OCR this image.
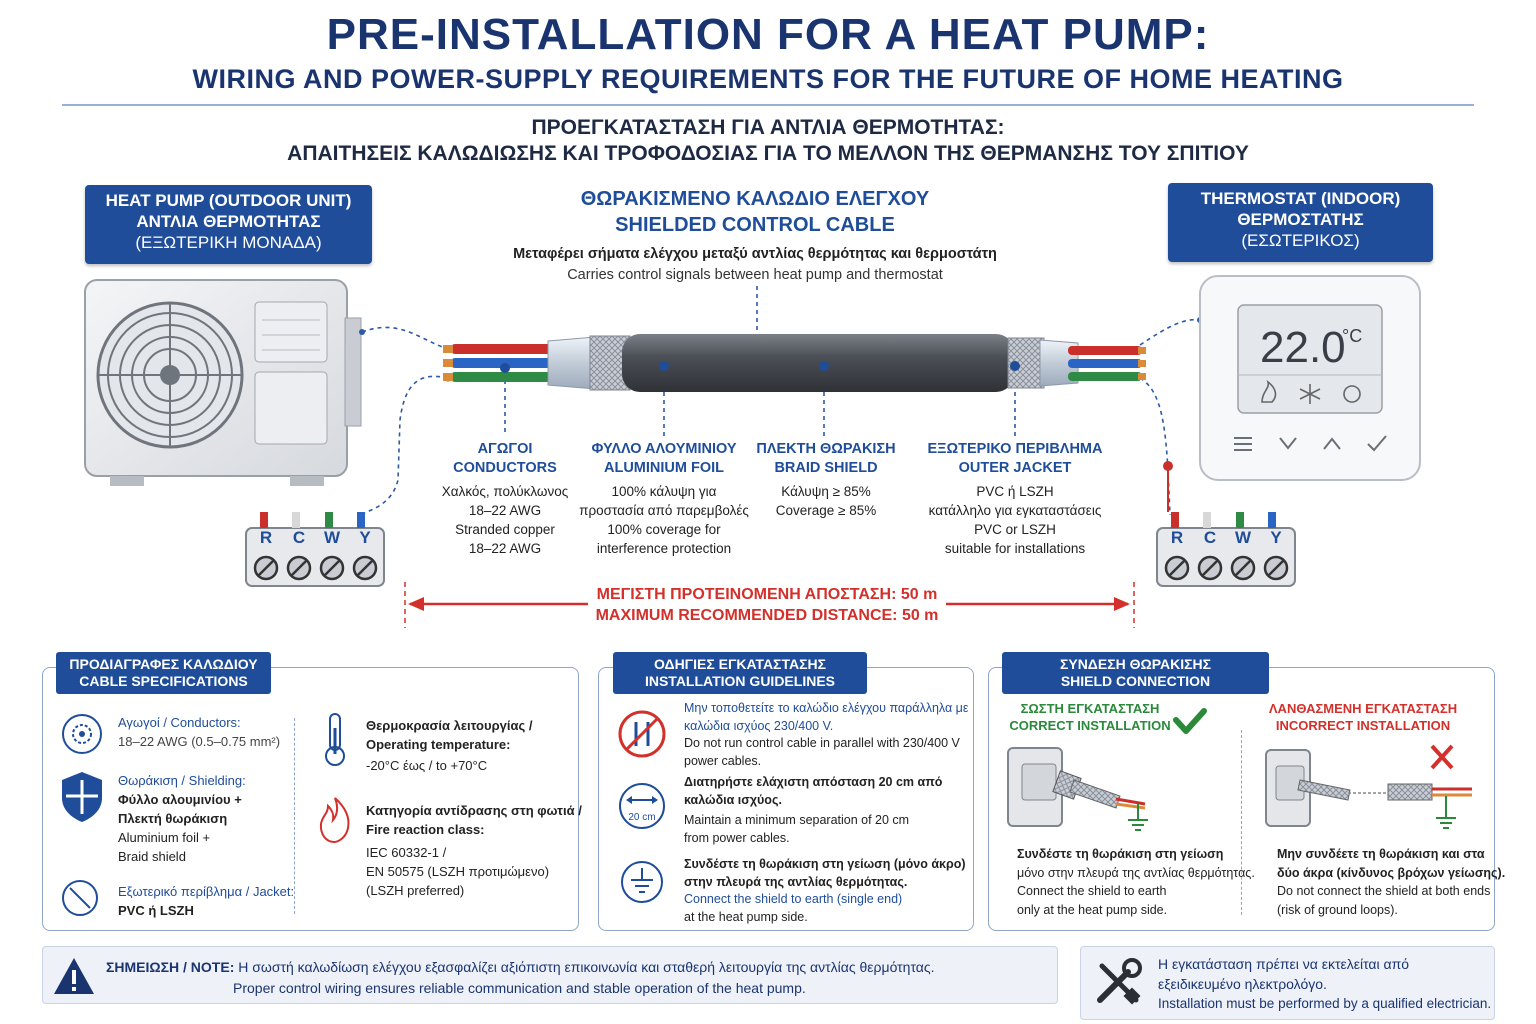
PRE-INSTALLATION FOR A HEAT PUMP:
WIRING AND POWER-SUPPLY REQUIREMENTS FOR THE FUTURE OF HOME HEATING
ΠΡΟΕΓΚΑΤΑΣΤΑΣΗ ΓΙΑ ΑΝΤΛΙΑ ΘΕΡΜΟΤΗΤΑΣ:
ΑΠΑΙΤΗΣΕΙΣ ΚΑΛΩΔΙΩΣΗΣ ΚΑΙ ΤΡΟΦΟΔΟΣΙΑΣ ΓΙΑ ΤΟ ΜΕΛΛΟΝ ΤΗΣ ΘΕΡΜΑΝΣΗΣ ΤΟΥ ΣΠΙΤΙΟΥ
HEAT PUMP (OUTDOOR UNIT)
ΑΝΤΛΙΑ ΘΕΡΜΟΤΗΤΑΣ
(ΕΞΩΤΕΡΙΚΗ ΜΟΝΑΔΑ)
THERMOSTAT (INDOOR)
ΘΕΡΜΟΣΤΑΤΗΣ
(ΕΣΩΤΕΡΙΚΟΣ)
ΘΩΡΑΚΙΣΜΕΝΟ ΚΑΛΩΔΙΟ ΕΛΕΓΧΟΥ
SHIELDED CONTROL CABLE
Μεταφέρει σήματα ελέγχου μεταξύ αντλίας θερμότητας και θερμοστάτη
Carries control signals between heat pump and thermostat
22.0
°C
R C W Y	R C W Y
ΑΓΩΓΟΙ
CONDUCTORS
Χαλκός, πολύκλωνος
18–22 AWG
Stranded copper
18–22 AWG
ΦΥΛΛΟ ΑΛΟΥΜΙΝΙΟΥ
ALUMINIUM FOIL
100% κάλυψη για
προστασία από παρεμβολές
100% coverage for
interference protection
ΠΛΕΚΤΗ ΘΩΡΑΚΙΣΗ
BRAID SHIELD
Κάλυψη ≥ 85%
Coverage ≥ 85%
ΕΞΩΤΕΡΙΚΟ ΠΕΡΙΒΛΗΜΑ
OUTER JACKET
PVC ή LSZH
κατάλληλο για εγκαταστάσεις
PVC or LSZH
suitable for installations
ΜΕΓΙΣΤΗ ΠΡΟΤΕΙΝΟΜΕΝΗ ΑΠΟΣΤΑΣΗ: 50 m
MAXIMUM RECOMMENDED DISTANCE: 50 m
ΠΡΟΔΙΑΓΡΑΦΕΣ ΚΑΛΩΔΙΟΥ
CABLE SPECIFICATIONS
Αγωγοί / Conductors:
18–22 AWG (0.5–0.75 mm²)
Θωράκιση / Shielding:
Φύλλο αλουμινίου +
Πλεκτή θωράκιση
Aluminium foil +
Braid shield
Εξωτερικό περίβλημα / Jacket:
PVC ή LSZH
Θερμοκρασία λειτουργίας /
Operating temperature:
-20°C έως / to +70°C
Κατηγορία αντίδρασης στη φωτιά /
Fire reaction class:
IEC 60332-1 /
EN 50575 (LSZH προτιμώμενο)
(LSZH preferred)
ΟΔΗΓΙΕΣ ΕΓΚΑΤΑΣΤΑΣΗΣ
INSTALLATION GUIDELINES
20 cm
Μην τοποθετείτε το καλώδιο ελέγχου παράλληλα με
καλώδια ισχύος 230/400 V.
Do not run control cable in parallel with 230/400 V
power cables.
Διατηρήστε ελάχιστη απόσταση 20 cm από
καλώδια ισχύος.
Maintain a minimum separation of 20 cm
from power cables.
Συνδέστε τη θωράκιση στη γείωση (μόνο άκρο)
στην πλευρά της αντλίας θερμότητας.
Connect the shield to earth (single end)
at the heat pump side.
ΣΥΝΔΕΣΗ ΘΩΡΑΚΙΣΗΣ
SHIELD CONNECTION
ΣΩΣΤΗ ΕΓΚΑΤΑΣΤΑΣΗ
CORRECT INSTALLATION
ΛΑΝΘΑΣΜΕΝΗ ΕΓΚΑΤΑΣΤΑΣΗ
INCORRECT INSTALLATION
Συνδέστε τη θωράκιση στη γείωση
μόνο στην πλευρά της αντλίας θερμότητας.
Connect the shield to earth
only at the heat pump side.
Μην συνδέετε τη θωράκιση και στα
δύο άκρα (κίνδυνος βρόχων γείωσης).
Do not connect the shield at both ends
(risk of ground loops).
ΣΗΜΕΙΩΣΗ / NOTE: Η σωστή καλωδίωση ελέγχου εξασφαλίζει αξιόπιστη επικοινωνία και σταθερή λειτουργία της αντλίας θερμότητας.
Proper control wiring ensures reliable communication and stable operation of the heat pump.
Η εγκατάσταση πρέπει να εκτελείται από
εξειδικευμένο ηλεκτρολόγο.
Installation must be performed by a qualified electrician.
